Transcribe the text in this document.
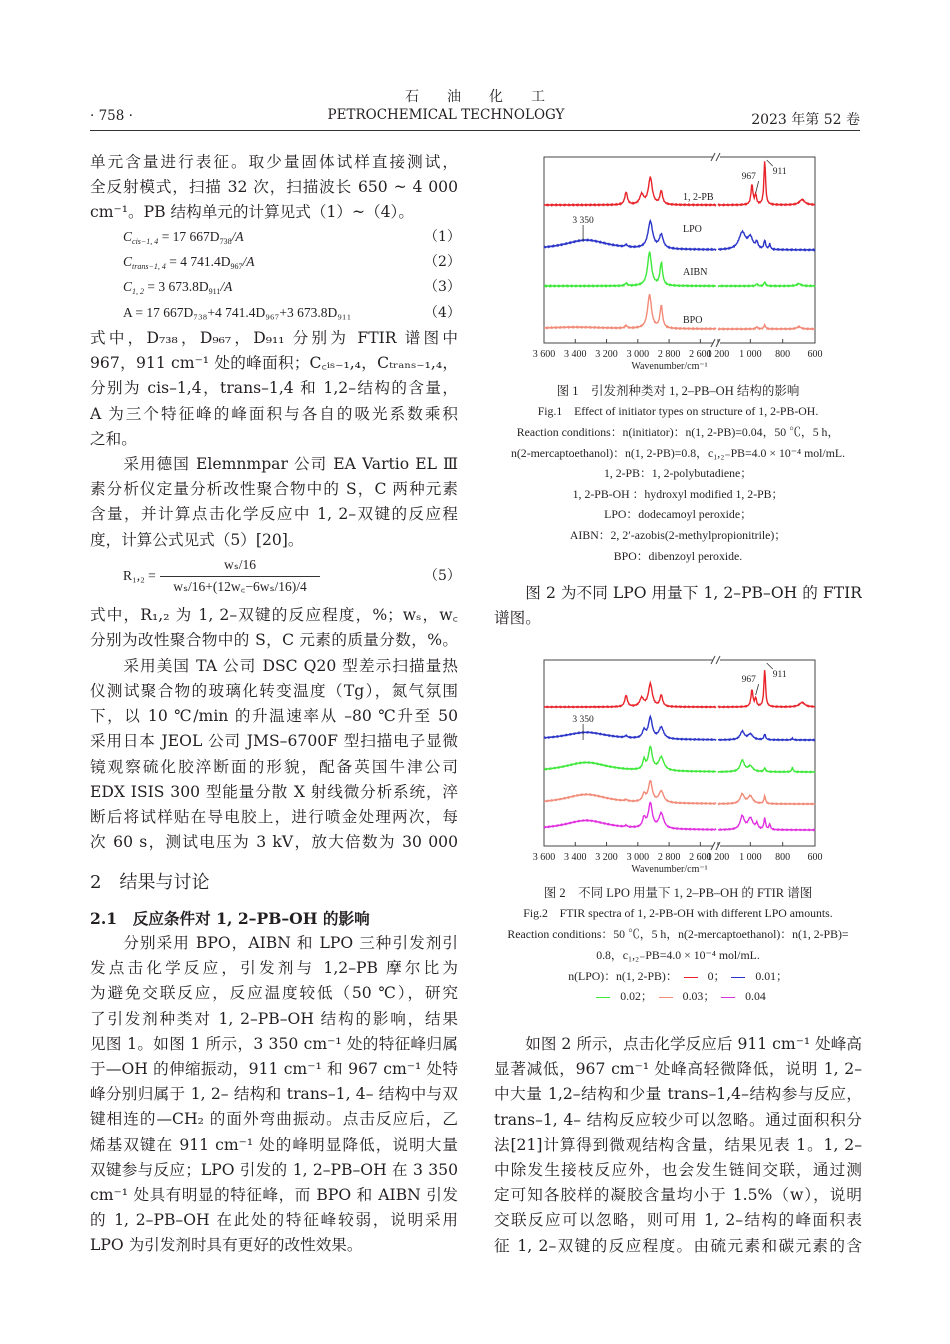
石　　油　　化　　工
PETROCHEMICAL TECHNOLOGY
· 758 ·	2023 年第 52 卷
单元含量进行表征。取少量固体试样直接测试，
全反射模式，扫描 32 次，扫描波长 650 ~ 4 000
cm⁻¹。PB 结构单元的计算见式（1）~（4）。
$C_{cis-1, 4} = 17$ $667D_{738}/A$	（1）
$C_{trans-1, 4} = 4$ $741.4D_{967}/A$	（2）
$C_{1, 2} = 3$ $673.8D_{911}/A$	（3）
A = 17 667D₇₃₈+4 741.4D₉₆₇+3 673.8D₉₁₁	（4）
式中，D₇₃₈，D₉₆₇，D₉₁₁ 分别为 FTIR 谱图中
967，911 cm⁻¹ 处的峰面积；C꜀ᵢₛ₋₁,₄，Cₜᵣₐₙₛ₋₁,₄，
分别为 cis–1,4，trans–1,4 和 1,2–结构的含量，
A 为三个特征峰的峰面积与各自的吸光系数乘积
之和。
　　采用德国 Elemnmpar 公司 EA Vartio EL Ⅲ
素分析仪定量分析改性聚合物中的 S，C 两种元素
含量，并计算点击化学反应中 1, 2–双键的反应程
度，计算公式见式（5）[20]。
R₁,₂ =
wₛ/16
wₛ/16+(12w꜀−6wₛ/16)/4
（5）
式中，R₁,₂ 为 1, 2–双键的反应程度，%；wₛ，w꜀
分别为改性聚合物中的 S，C 元素的质量分数，%。
　　采用美国 TA 公司 DSC Q20 型差示扫描量热
仪测试聚合物的玻璃化转变温度（Tg），氮气氛围
下，以 10 ℃/min 的升温速率从 –80 ℃升至 50
采用日本 JEOL 公司 JMS–6700F 型扫描电子显微
镜观察硫化胶淬断面的形貌，配备英国牛津公司
EDX ISIS 300 型能量分散 X 射线微分析系统，淬
断后将试样贴在导电胶上，进行喷金处理两次，每
次 60 s，测试电压为 3 kV，放大倍数为 30 000
2　结果与讨论
2.1　反应条件对 1, 2–PB–OH 的影响
　　分别采用 BPO，AIBN 和 LPO 三种引发剂引
发点击化学反应，引发剂与 1,2–PB 摩尔比为
为避免交联反应，反应温度较低（50 ℃），研究
了引发剂种类对 1, 2–PB–OH 结构的影响，结果
见图 1。如图 1 所示，3 350 cm⁻¹ 处的特征峰归属
于—OH 的伸缩振动，911 cm⁻¹ 和 967 cm⁻¹ 处特
峰分别归属于 1, 2– 结构和 trans–1, 4– 结构中与双
键相连的—CH₂ 的面外弯曲振动。点击反应后，乙
烯基双键在 911 cm⁻¹ 处的峰明显降低，说明大量
双键参与反应；LPO 引发的 1, 2–PB–OH 在 3 350
cm⁻¹ 处具有明显的特征峰，而 BPO 和 AIBN 引发
的 1, 2–PB–OH 在此处的特征峰较弱，说明采用
LPO 为引发剂时具有更好的改性效果。
3 600 3 400 3 200 3 000 2 800 2 600
1 200 1 000 800 600
Wavenumber/cm⁻¹
1, 2-PB
LPO
AIBN
BPO
967 911
3 350
图 1　引发剂种类对 1, 2–PB–OH 结构的影响
Fig.1　Effect of initiator types on structure of 1, 2-PB-OH.
Reaction conditions：n(initiator)：n(1, 2-PB)=0.04，50 ℃，5 h，
n(2-mercaptoethanol)：n(1, 2-PB)=0.8，c₁,₂₋PB=4.0 × 10⁻⁴ mol/mL.
1, 2-PB：1, 2-polybutadiene；
1, 2-PB-OH ：hydroxyl modified 1, 2-PB；
LPO：dodecamoyl peroxide；
AIBN：2, 2′-azobis(2-methylpropionitrile)；
BPO：dibenzoyl peroxide.
　　图 2 为不同 LPO 用量下 1, 2–PB–OH 的 FTIR
谱图。
3 600 3 400 3 200 3 000 2 800 2 600
1 200 1 000 800 600
Wavenumber/cm⁻¹
967 911
3 350
图 2　不同 LPO 用量下 1, 2–PB–OH 的 FTIR 谱图
Fig.2　FTIR spectra of 1, 2-PB-OH with different LPO amounts.
Reaction conditions：50 ℃，5 h，n(2-mercaptoethanol)：n(1, 2-PB)=
0.8，c₁,₂₋PB=4.0 × 10⁻⁴ mol/mL.
n(LPO)：n(1, 2-PB)：	0；	0.01；
0.02；	0.03；	0.04
　　如图 2 所示，点击化学反应后 911 cm⁻¹ 处峰高
显著减低，967 cm⁻¹ 处峰高轻微降低，说明 1, 2–
中大量 1,2–结构和少量 trans–1,4–结构参与反应，
trans–1, 4– 结构反应较少可以忽略。通过面积积分
法[21]计算得到微观结构含量，结果见表 1。1, 2–
中除发生接枝反应外，也会发生链间交联，通过测
定可知各胶样的凝胶含量均小于 1.5%（w），说明
交联反应可以忽略，则可用 1, 2–结构的峰面积表
征 1, 2–双键的反应程度。由硫元素和碳元素的含
